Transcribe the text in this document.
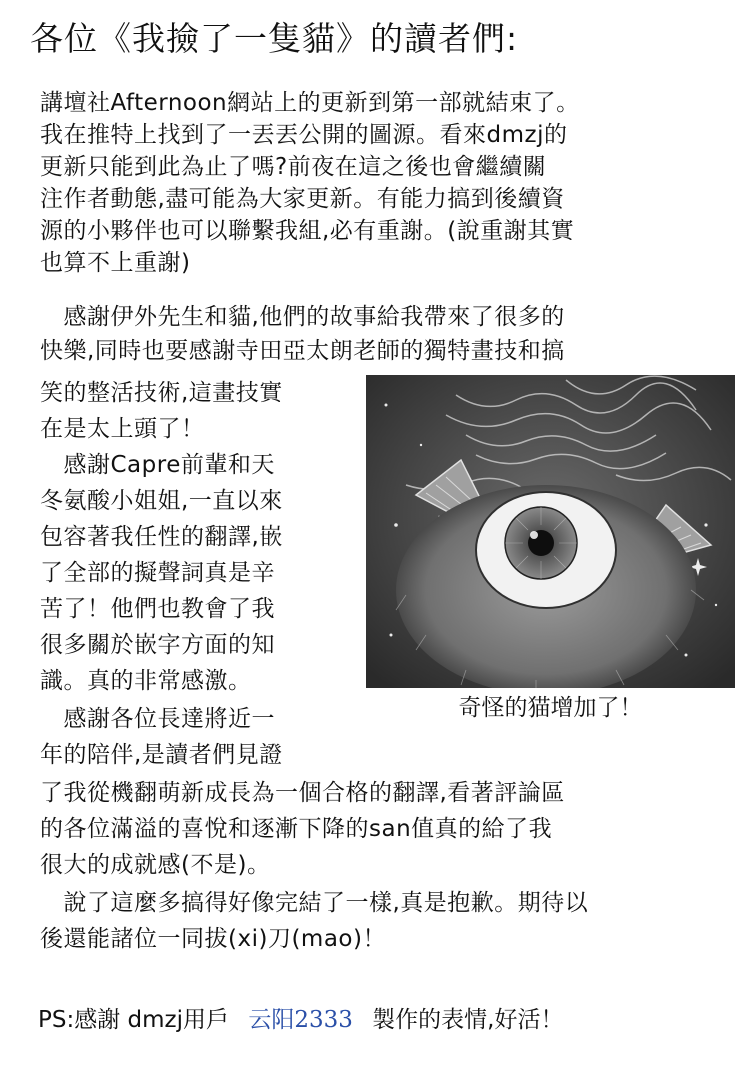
各位《我撿了一隻貓》的讀者們:
講壇社Afternoon網站上的更新到第一部就結束了。
我在推特上找到了一丟丟公開的圖源。看來dmzj的
更新只能到此為止了嗎?前夜在這之後也會繼續關
注作者動態,盡可能為大家更新。有能力搞到後續資
源的小夥伴也可以聯繫我組,必有重謝。(說重謝其實
也算不上重謝)
　感謝伊外先生和貓,他們的故事給我帶來了很多的
快樂,同時也要感謝寺田亞太朗老師的獨特畫技和搞
笑的整活技術,這畫技實
在是太上頭了！
　感謝Capre前輩和天
冬氨酸小姐姐,一直以來
包容著我任性的翻譯,嵌
了全部的擬聲詞真是辛
苦了！他們也教會了我
很多關於嵌字方面的知
識。真的非常感激。
　感謝各位長達將近一
年的陪伴,是讀者們見證
了我從機翻萌新成長為一個合格的翻譯,看著評論區
的各位滿溢的喜悅和逐漸下降的san值真的給了我
很大的成就感(不是)。
　說了這麼多搞得好像完結了一樣,真是抱歉。期待以
後還能諸位一同拔(xi)刀(mao)！
奇怪的猫增加了！
PS:感謝 dmzj用戶 云阳2333 製作的表情,好活！
